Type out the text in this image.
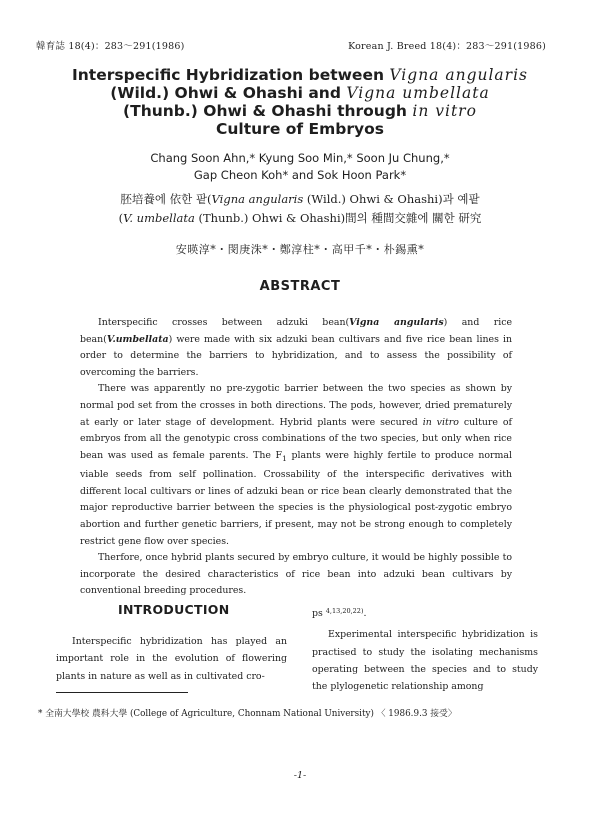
韓育誌 18(4)：283～291(1986)	Korean J. Breed 18(4)：283～291(1986)
Interspecific Hybridization between Vigna angularis
(Wild.) Ohwi & Ohashi and Vigna umbellata
(Thunb.) Ohwi & Ohashi through in vitro
Culture of Embryos
Chang Soon Ahn,* Kyung Soo Min,* Soon Ju Chung,*
Gap Cheon Koh* and Sok Hoon Park*
胚培養에 依한 팥(Vigna angularis (Wild.) Ohwi & Ohashi)과 예팥
(V. umbellata (Thunb.) Ohwi & Ohashi)間의 種間交雜에 關한 研究
安暎淳*・閔庚洙*・鄭淳柱*・高甲千*・朴錫熏*
ABSTRACT

Interspecific crosses between adzuki bean(Vigna angularis) and rice bean(V.umbellata) were made with six adzuki bean cultivars and five rice bean lines in order to determine the barriers to hybridization, and to assess the possibility of overcoming the barriers.

There was apparently no pre-zygotic barrier between the two species as shown by normal pod set from the crosses in both directions. The pods, however, dried prematurely at early or later stage of development. Hybrid plants were secured in vitro culture of embryos from all the genotypic cross combinations of the two species, but only when rice bean was used as female parents. The $F_1$ plants were highly fertile to produce normal viable seeds from self pollination. Crossability of the interspecific derivatives with different local cultivars or lines of adzuki bean or rice bean clearly demonstrated that the major reproductive barrier between the species is the physiological post-zygotic embryo abortion and further genetic barriers, if present, may not be strong enough to completely restrict gene flow over species.

Therfore, once hybrid plants secured by embryo culture, it would be highly possible to incorporate the desired characteristics of rice bean into adzuki bean cultivars by conventional breeding procedures.

INTRODUCTION

Interspecific hybridization has played an important role in the evolution of flowering plants in nature as well as in cultivated cro-

ps $^{4,13,20,22)}$.

Experimental interspecific hybridization is practised to study the isolating mechanisms operating between the species and to study the plylogenetic relationship among

* 全南大學校 農科大學 (College of Agriculture, Chonnam National University) 〈 1986.9.3 接受〉
-1-
